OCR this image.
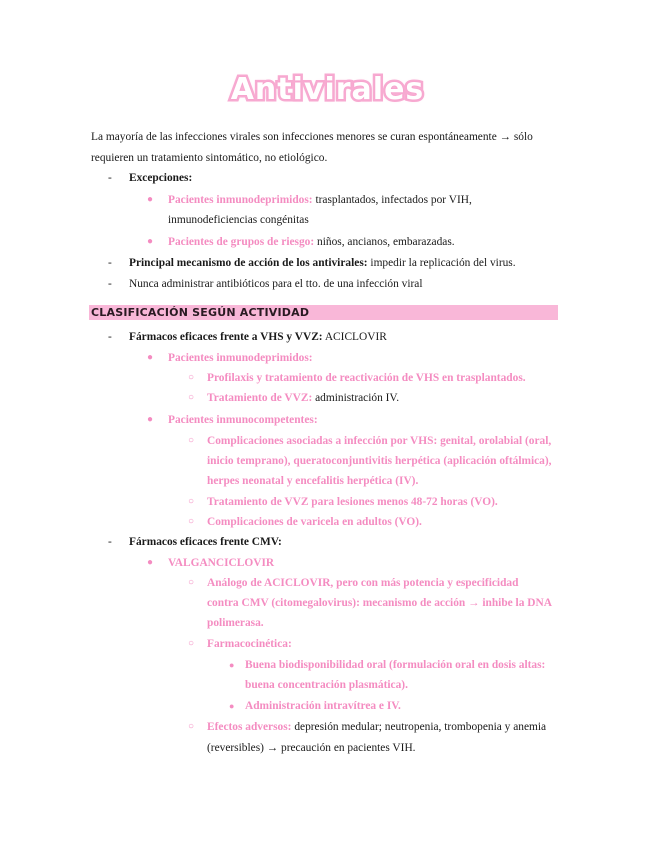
Antivirales
La mayoría de las infecciones virales son infecciones menores se curan espontáneamente → sólo
requieren un tratamiento sintomático, no etiológico.
- Excepciones:
● Pacientes inmunodeprimidos: trasplantados, infectados por VIH,
inmunodeficiencias congénitas
● Pacientes de grupos de riesgo: niños, ancianos, embarazadas.
- Principal mecanismo de acción de los antivirales: impedir la replicación del virus.
- Nunca administrar antibióticos para el tto. de una infección viral
CLASIFICACIÓN SEGÚN ACTIVIDAD
- Fármacos eficaces frente a VHS y VVZ: ACICLOVIR
● Pacientes inmunodeprimidos:
○ Profilaxis y tratamiento de reactivación de VHS en trasplantados.
○ Tratamiento de VVZ: administración IV.
● Pacientes inmunocompetentes:
○ Complicaciones asociadas a infección por VHS: genital, orolabial (oral,
inicio temprano), queratoconjuntivitis herpética (aplicación oftálmica),
herpes neonatal y encefalitis herpética (IV).
○ Tratamiento de VVZ para lesiones menos 48-72 horas (VO).
○ Complicaciones de varicela en adultos (VO).
- Fármacos eficaces frente CMV:
● VALGANCICLOVIR
○ Análogo de ACICLOVIR, pero con más potencia y especificidad
contra CMV (citomegalovirus): mecanismo de acción → inhibe la DNA
polimerasa.
○ Farmacocinética:
● Buena biodisponibilidad oral (formulación oral en dosis altas:
buena concentración plasmática).
● Administración intravítrea e IV.
○ Efectos adversos: depresión medular; neutropenia, trombopenia y anemia
(reversibles) → precaución en pacientes VIH.
